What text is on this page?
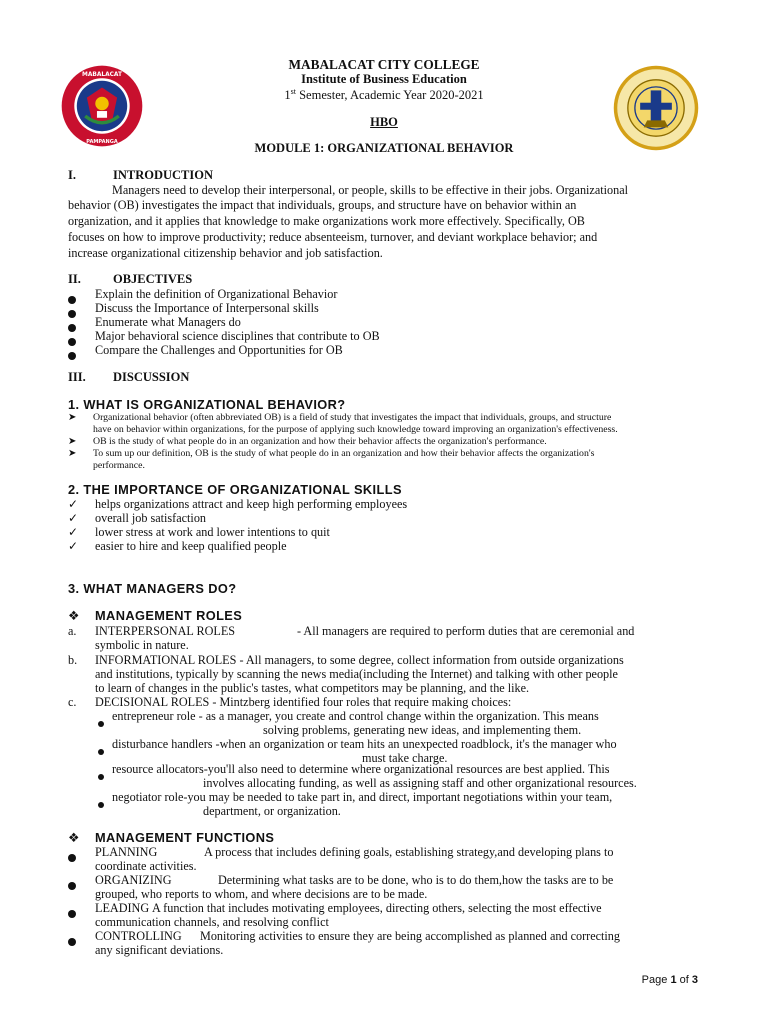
MABALACAT
PAMPANGA
MABALACAT CITY COLLEGE
Institute of Business Education
1st Semester, Academic Year 2020-2021
HBO
MODULE 1: ORGANIZATIONAL BEHAVIOR
I.	INTRODUCTION
Managers need to develop their interpersonal, or people, skills to be effective in their jobs. Organizational
behavior (OB) investigates the impact that individuals, groups, and structure have on behavior within an
organization, and it applies that knowledge to make organizations work more effectively. Specifically, OB
focuses on how to improve productivity; reduce absenteeism, turnover, and deviant workplace behavior; and
increase organizational citizenship behavior and job satisfaction.
II.	OBJECTIVES
Explain the definition of Organizational Behavior
Discuss the Importance of Interpersonal skills
Enumerate what Managers do
Major behavioral science disciplines that contribute to OB
Compare the Challenges and Opportunities for OB
III. DISCUSSION
1. WHAT IS ORGANIZATIONAL BEHAVIOR?
➤ Organizational behavior (often abbreviated OB) is a field of study that investigates the impact that individuals, groups, and structure
have on behavior within organizations, for the purpose of applying such knowledge toward improving an organization's effectiveness.
➤ OB is the study of what people do in an organization and how their behavior affects the organization's performance.
➤ To sum up our definition, OB is the study of what people do in an organization and how their behavior affects the organization's
performance.
2. THE IMPORTANCE OF ORGANIZATIONAL SKILLS
✓ helps organizations attract and keep high performing employees
✓ overall job satisfaction
✓ lower stress at work and lower intentions to quit
✓ easier to hire and keep qualified people
3. WHAT MANAGERS DO?
❖ MANAGEMENT ROLES
a. INTERPERSONAL ROLES	- All managers are required to perform duties that are ceremonial and
symbolic in nature.
b. INFORMATIONAL ROLES - All managers, to some degree, collect information from outside organizations
and institutions, typically by scanning the news media(including the Internet) and talking with other people
to learn of changes in the public's tastes, what competitors may be planning, and the like.
c. DECISIONAL ROLES - Mintzberg identified four roles that require making choices:
entrepreneur role - as a manager, you create and control change within the organization. This means
solving problems, generating new ideas, and implementing them.
disturbance handlers -when an organization or team hits an unexpected roadblock, it's the manager who
must take charge.
resource allocators-you'll also need to determine where organizational resources are best applied. This
involves allocating funding, as well as assigning staff and other organizational resources.
negotiator role-you may be needed to take part in, and direct, important negotiations within your team,
department, or organization.
❖ MANAGEMENT FUNCTIONS
PLANNING	A process that includes defining goals, establishing strategy,and developing plans to
coordinate activities.
ORGANIZING	Determining what tasks are to be done, who is to do them,how the tasks are to be
grouped, who reports to whom, and where decisions are to be made.
LEADING A function that includes motivating employees, directing others, selecting the most effective
communication channels, and resolving conflict
CONTROLLING Monitoring activities to ensure they are being accomplished as planned and correcting
any significant deviations.
Page 1 of 3
